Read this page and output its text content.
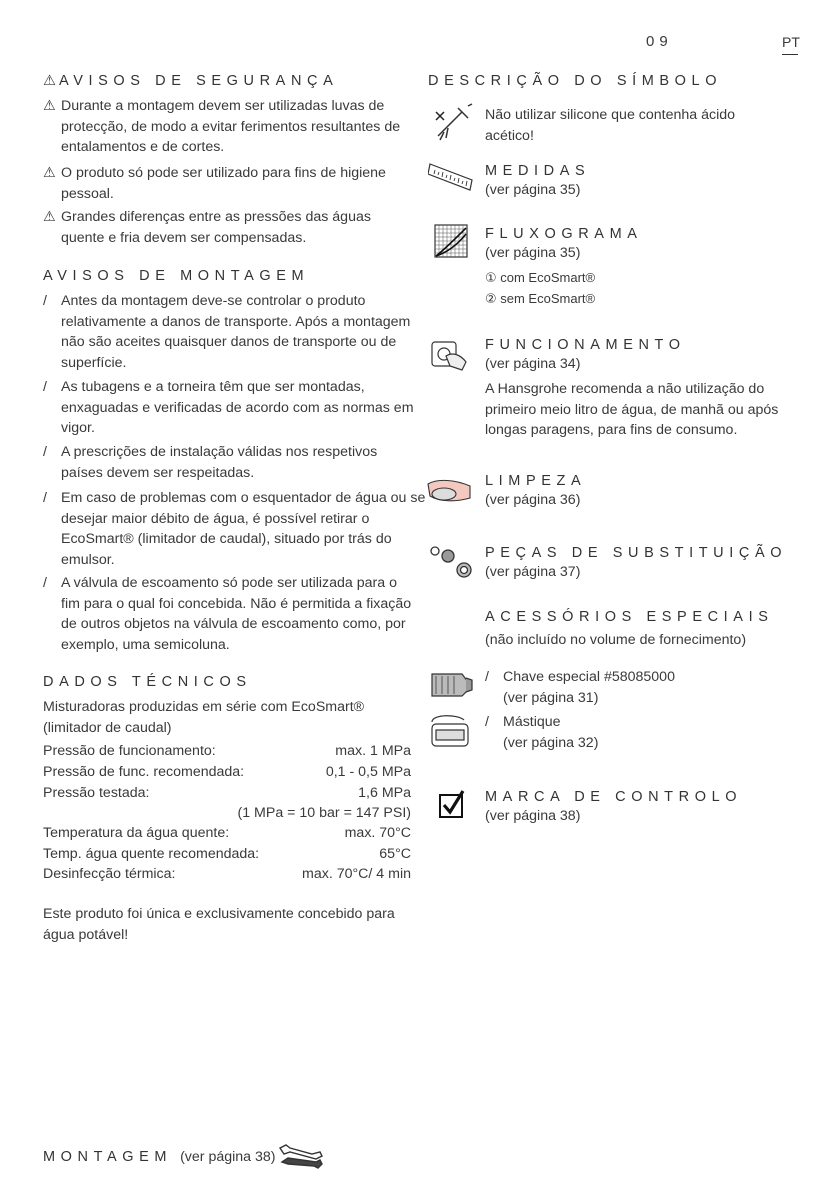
09	PT
⚠ AVISOS DE SEGURANÇA
⚠ Durante a montagem devem ser utilizadas luvas de protecção, de modo a evitar ferimentos resultantes de entalamentos e de cortes.
⚠ O produto só pode ser utilizado para fins de higiene pessoal.
⚠ Grandes diferenças entre as pressões das águas quente e fria devem ser compensadas.
AVISOS DE MONTAGEM
/ Antes da montagem deve-se controlar o produto relativamente a danos de transporte. Após a montagem não são aceites quaisquer danos de transporte ou de superfície.
/ As tubagens e a torneira têm que ser montadas, enxaguadas e verificadas de acordo com as normas em vigor.
/ A prescrições de instalação válidas nos respetivos países devem ser respeitadas.
/ Em caso de problemas com o esquentador de água ou se desejar maior débito de água, é possível retirar o EcoSmart® (limitador de caudal), situado por trás do emulsor.
/ A válvula de escoamento só pode ser utilizada para o fim para o qual foi concebida. Não é permitida a fixação de outros objetos na válvula de escoamento como, por exemplo, uma semicoluna.
DADOS TÉCNICOS
Misturadoras produzidas em série com EcoSmart® (limitador de caudal)
Pressão de funcionamento:	max. 1 MPa
Pressão de func. recomendada:	0,1 - 0,5 MPa
Pressão testada:	1,6 MPa
(1 MPa = 10 bar = 147 PSI)
Temperatura da água quente:	max. 70°C
Temp. água quente recomendada:	65°C
Desinfecção térmica:	max. 70°C/ 4 min
Este produto foi única e exclusivamente concebido para água potável!
MONTAGEM (ver página 38)
DESCRIÇÃO DO SÍMBOLO
Não utilizar silicone que contenha ácido acético!
MEDIDAS
(ver página 35)
FLUXOGRAMA
(ver página 35)
① com EcoSmart®
② sem EcoSmart®
FUNCIONAMENTO
(ver página 34)
A Hansgrohe recomenda a não utilização do primeiro meio litro de água, de manhã ou após longas paragens, para fins de consumo.
LIMPEZA
(ver página 36)
PEÇAS DE SUBSTITUIÇÃO
(ver página 37)
ACESSÓRIOS ESPECIAIS
(não incluído no volume de fornecimento)
/ Chave especial #58085000
(ver página 31)
/ Mástique
(ver página 32)
MARCA DE CONTROLO
(ver página 38)
